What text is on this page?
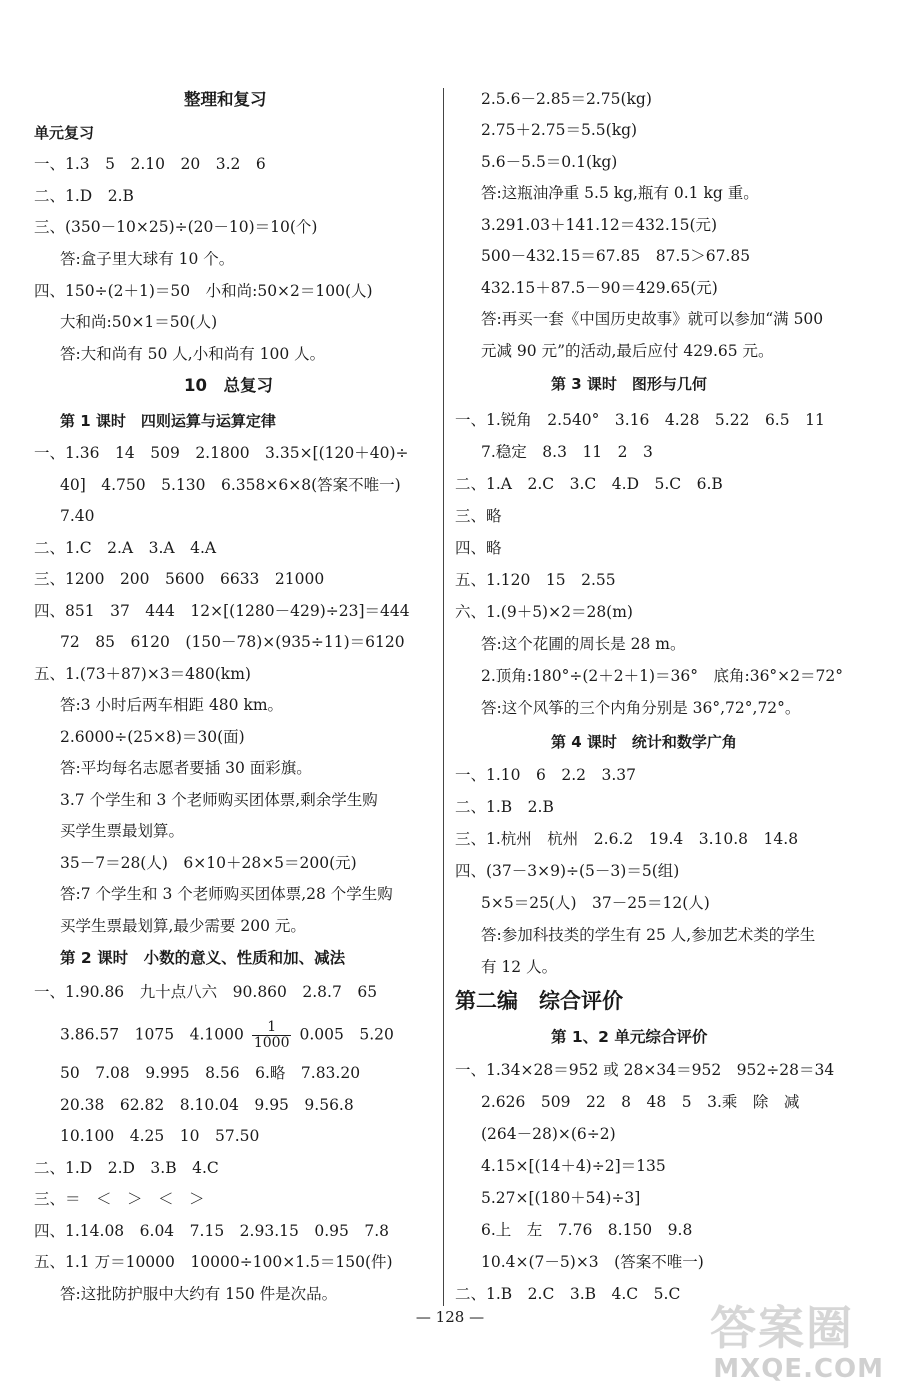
整理和复习
单元复习
一、1.3　5　2.10　20　3.2　6
二、1.D　2.B
三、(350－10×25)÷(20－10)＝10(个)
答:盒子里大球有 10 个。
四、150÷(2＋1)＝50　小和尚:50×2＝100(人)
大和尚:50×1＝50(人)
答:大和尚有 50 人,小和尚有 100 人。
10　总复习
第 1 课时　四则运算与运算定律
一、1.36　14　509　2.1800　3.35×[(120＋40)÷
40]　4.750　5.130　6.358×6×8(答案不唯一)
7.40
二、1.C　2.A　3.A　4.A
三、1200　200　5600　6633　21000
四、851　37　444　12×[(1280－429)÷23]＝444
72　85　6120　(150－78)×(935÷11)＝6120
五、1.(73＋87)×3＝480(km)
答:3 小时后两车相距 480 km。
2.6000÷(25×8)＝30(面)
答:平均每名志愿者要插 30 面彩旗。
3.7 个学生和 3 个老师购买团体票,剩余学生购
买学生票最划算。
35－7＝28(人)　6×10＋28×5＝200(元)
答:7 个学生和 3 个老师购买团体票,28 个学生购
买学生票最划算,最少需要 200 元。
第 2 课时　小数的意义、性质和加、减法
一、1.90.86　九十点八六　90.860　2.8.7　65
3.86.57　1075　$4.1000 \frac{1}{1000} 0.005$　5.20
50　7.08　9.995　8.56　6.略　7.83.20
20.38　62.82　8.10.04　9.95　9.56.8
10.100　4.25　10　57.50
二、1.D　2.D　3.B　4.C
三、＝　＜　＞　＜　＞
四、1.14.08　6.04　7.15　2.93.15　0.95　7.8
五、1.1 万＝10000　10000÷100×1.5＝150(件)
答:这批防护服中大约有 150 件是次品。
2.5.6－2.85＝2.75(kg)
2.75＋2.75＝5.5(kg)
5.6－5.5＝0.1(kg)
答:这瓶油净重 5.5 kg,瓶有 0.1 kg 重。
3.291.03＋141.12＝432.15(元)
500－432.15＝67.85　87.5＞67.85
432.15＋87.5－90＝429.65(元)
答:再买一套《中国历史故事》就可以参加“满 500
元减 90 元”的活动,最后应付 429.65 元。
第 3 课时　图形与几何
一、1.锐角　2.540°　3.16　4.28　5.22　6.5　11
7.稳定　8.3　11　2　3
二、1.A　2.C　3.C　4.D　5.C　6.B
三、略
四、略
五、1.120　15　2.55
六、1.(9＋5)×2＝28(m)
答:这个花圃的周长是 28 m。
2.顶角:180°÷(2＋2＋1)＝36°　底角:36°×2＝72°
答:这个风筝的三个内角分别是 36°,72°,72°。
第 4 课时　统计和数学广角
一、1.10　6　2.2　3.37
二、1.B　2.B
三、1.杭州　杭州　2.6.2　19.4　3.10.8　14.8
四、(37－3×9)÷(5－3)＝5(组)
5×5＝25(人)　37－25＝12(人)
答:参加科技类的学生有 25 人,参加艺术类的学生
有 12 人。
第二编　综合评价
第 1、2 单元综合评价
一、1.34×28＝952 或 28×34＝952　952÷28＝34
2.626　509　22　8　48　5　3.乘　除　减
(264－28)×(6÷2)
4.15×[(14＋4)÷2]＝135
5.27×[(180＋54)÷3]
6.上　左　7.76　8.150　9.8
10.4×(7－5)×3　(答案不唯一)
二、1.B　2.C　3.B　4.C　5.C
— 128 —	答案圈
MXQE.COM
